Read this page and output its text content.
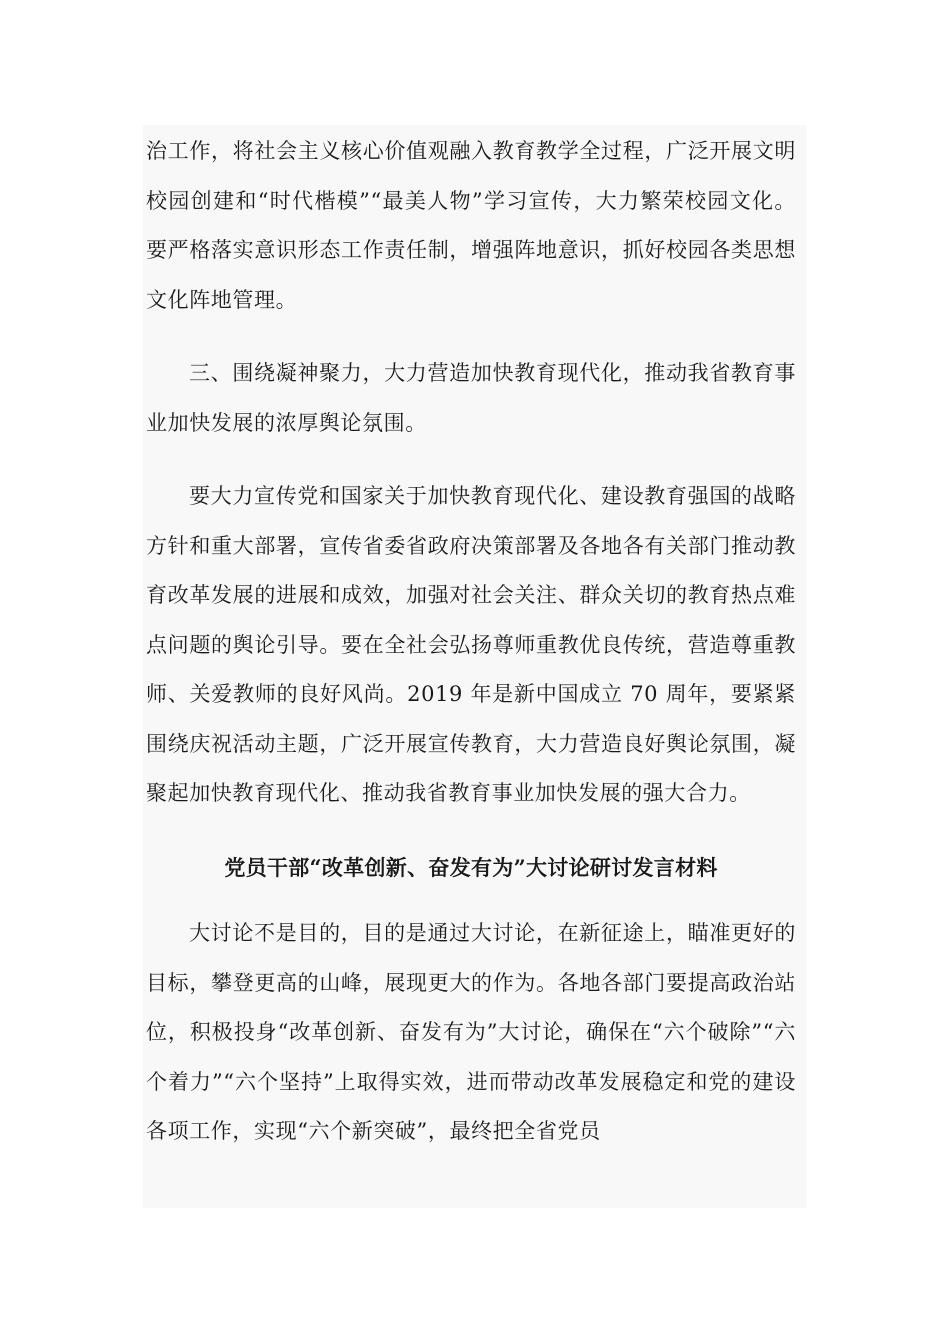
治工作，将社会主义核心价值观融入教育教学全过程，广泛开展文明校园创建和“时代楷模”“最美人物”学习宣传，大力繁荣校园文化。要严格落实意识形态工作责任制，增强阵地意识，抓好校园各类思想文化阵地管理。

三、围绕凝神聚力，大力营造加快教育现代化，推动我省教育事业加快发展的浓厚舆论氛围。

要大力宣传党和国家关于加快教育现代化、建设教育强国的战略方针和重大部署，宣传省委省政府决策部署及各地各有关部门推动教育改革发展的进展和成效，加强对社会关注、群众关切的教育热点难点问题的舆论引导。要在全社会弘扬尊师重教优良传统，营造尊重教师、关爱教师的良好风尚。2019 年是新中国成立 70 周年，要紧紧围绕庆祝活动主题，广泛开展宣传教育，大力营造良好舆论氛围，凝聚起加快教育现代化、推动我省教育事业加快发展的强大合力。

党员干部“改革创新、奋发有为”大讨论研讨发言材料

大讨论不是目的，目的是通过大讨论，在新征途上，瞄准更好的目标，攀登更高的山峰，展现更大的作为。各地各部门要提高政治站位，积极投身“改革创新、奋发有为”大讨论，确保在“六个破除”“六个着力”“六个坚持”上取得实效，进而带动改革发展稳定和党的建设各项工作，实现“六个新突破”，最终把全省党员
